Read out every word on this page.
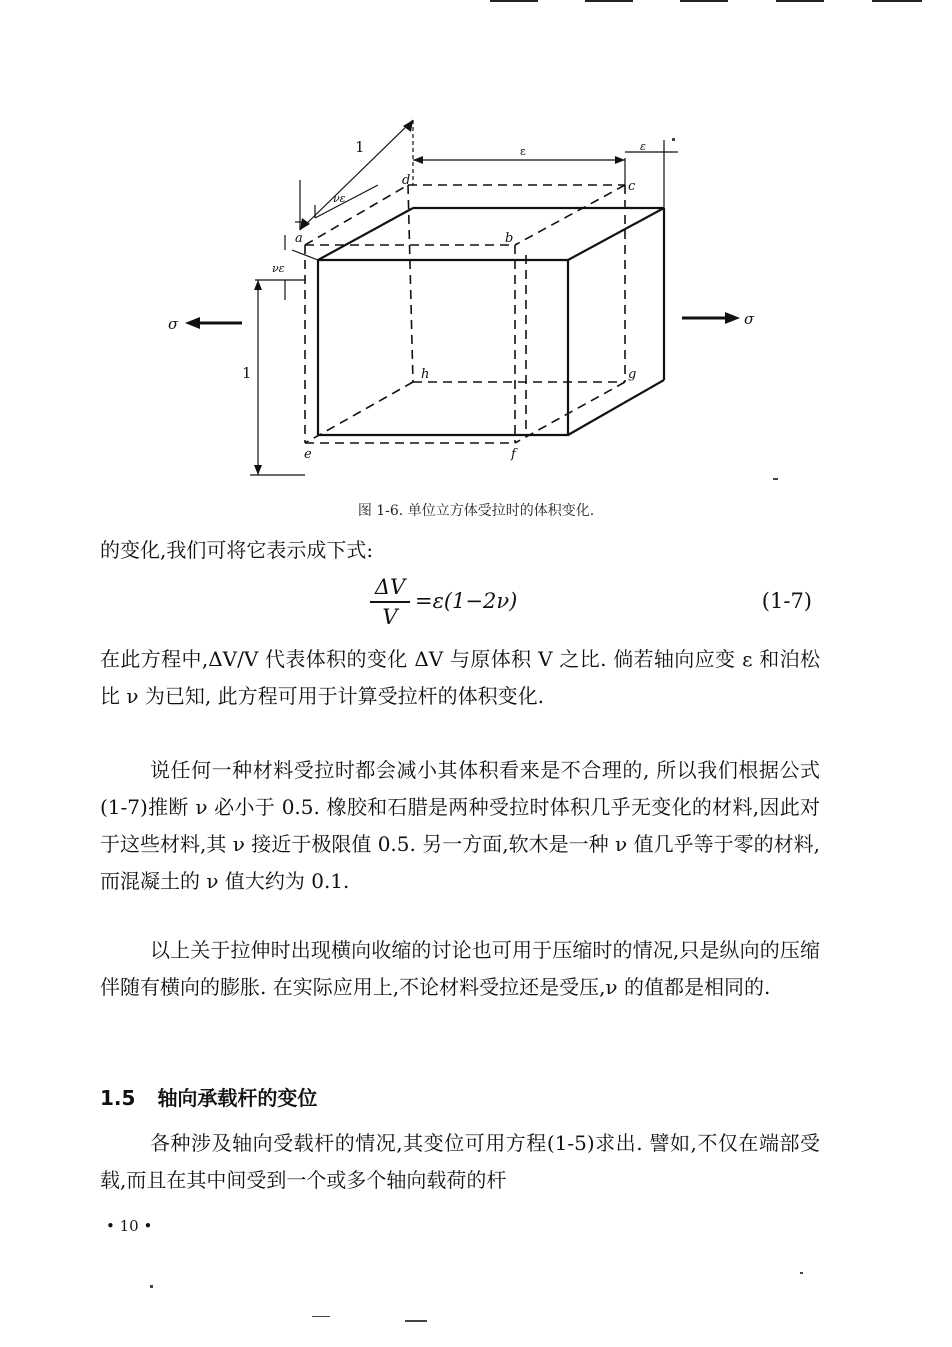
1	ε	ε
νε
νε
1
σ	σ
a	b
c
d
e	f
g
h
图 1-6. 单位立方体受拉时的体积变化.

的变化,我们可将它表示成下式:

ΔV
V
=ε(1−2ν)	(1-7)

在此方程中,ΔV/V 代表体积的变化 ΔV 与原体积 V 之比. 倘若轴向应变 ε 和泊松比 ν 为已知, 此方程可用于计算受拉杆的体积变化.

说任何一种材料受拉时都会减小其体积看来是不合理的, 所以我们根据公式(1-7)推断 ν 必小于 0.5. 橡胶和石腊是两种受拉时体积几乎无变化的材料,因此对于这些材料,其 ν 接近于极限值 0.5. 另一方面,软木是一种 ν 值几乎等于零的材料, 而混凝土的 ν 值大约为 0.1.

以上关于拉伸时出现横向收缩的讨论也可用于压缩时的情况,只是纵向的压缩伴随有横向的膨胀. 在实际应用上,不论材料受拉还是受压,ν 的值都是相同的.

1.5 轴向承载杆的变位

各种涉及轴向受载杆的情况,其变位可用方程(1-5)求出. 譬如,不仅在端部受载,而且在其中间受到一个或多个轴向载荷的杆

• 10 •
